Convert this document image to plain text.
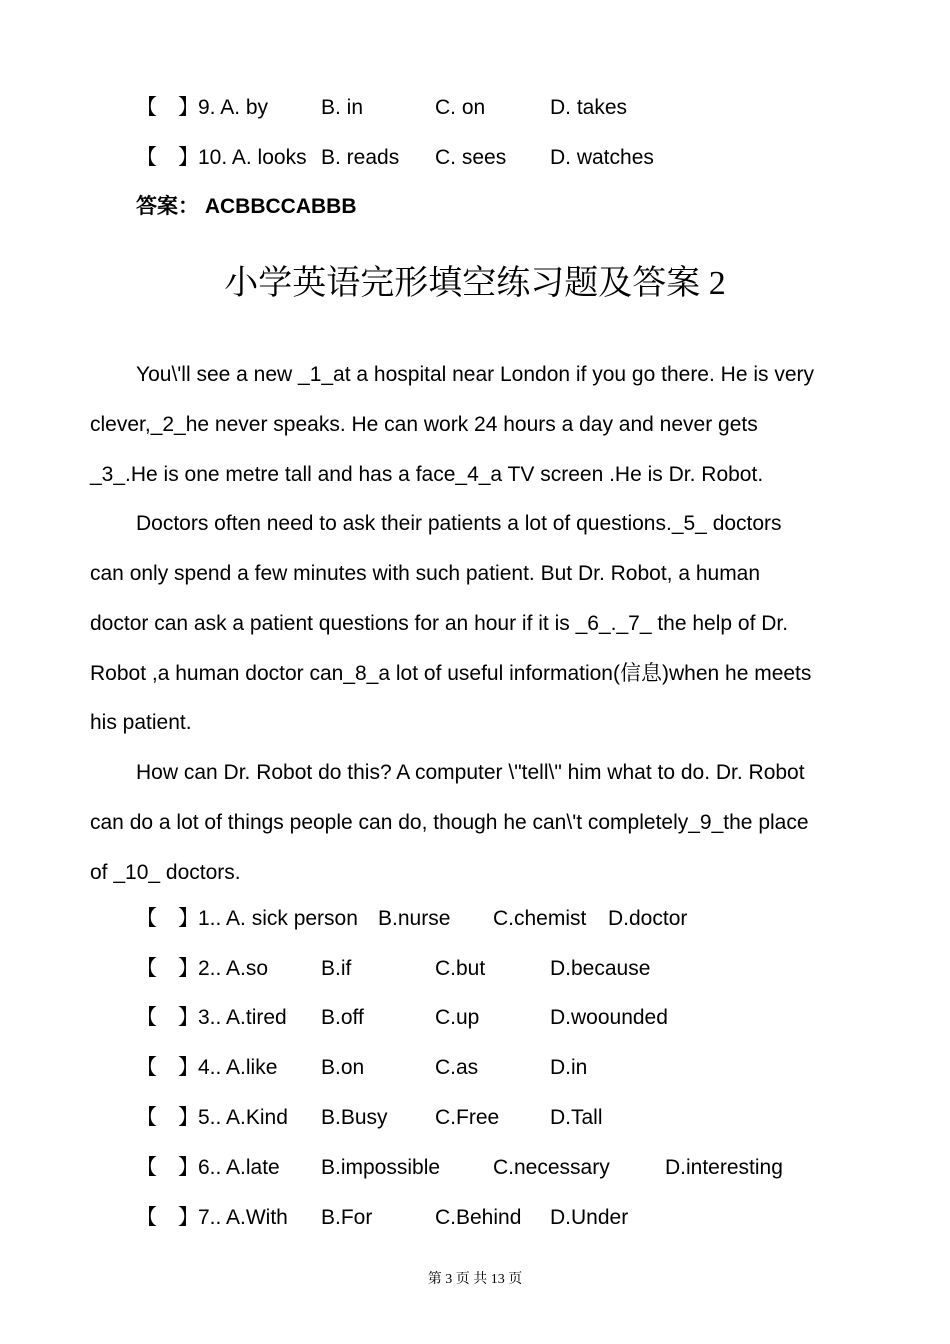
【　】 9. A. by	B. in	C. on	D. takes
【　】 10. A. looks B. reads C. sees D. watches
答案： ACBBCCABBB
小学英语完形填空练习题及答案 2
You\'ll see a new _1_at a hospital near London if you go there. He is very
clever,_2_he never speaks. He can work 24 hours a day and never gets
_3_.He is one metre tall and has a face_4_a TV screen .He is Dr. Robot.
Doctors often need to ask their patients a lot of questions._5_ doctors
can only spend a few minutes with such patient. But Dr. Robot, a human
doctor can ask a patient questions for an hour if it is _6_._7_ the help of Dr.
Robot ,a human doctor can_8_a lot of useful information(信息)when he meets
his patient.
How can Dr. Robot do this? A computer \"tell\" him what to do. Dr. Robot
can do a lot of things people can do, though he can\'t completely_9_the place
of _10_ doctors.
【　】 1.. A. sick person B.nurse C.chemist D.doctor
【　】 2.. A.so	B.if	C.but	D.because
【　】 3.. A.tired B.off	C.up	D.woounded
【　】 4.. A.like B.on	C.as	D.in
【　】 5.. A.Kind B.Busy C.Free D.Tall
【　】 6.. A.late B.impossible	C.necessary	D.interesting
【　】 7.. A.With B.For	C.Behind D.Under
第 3 页 共 13 页
